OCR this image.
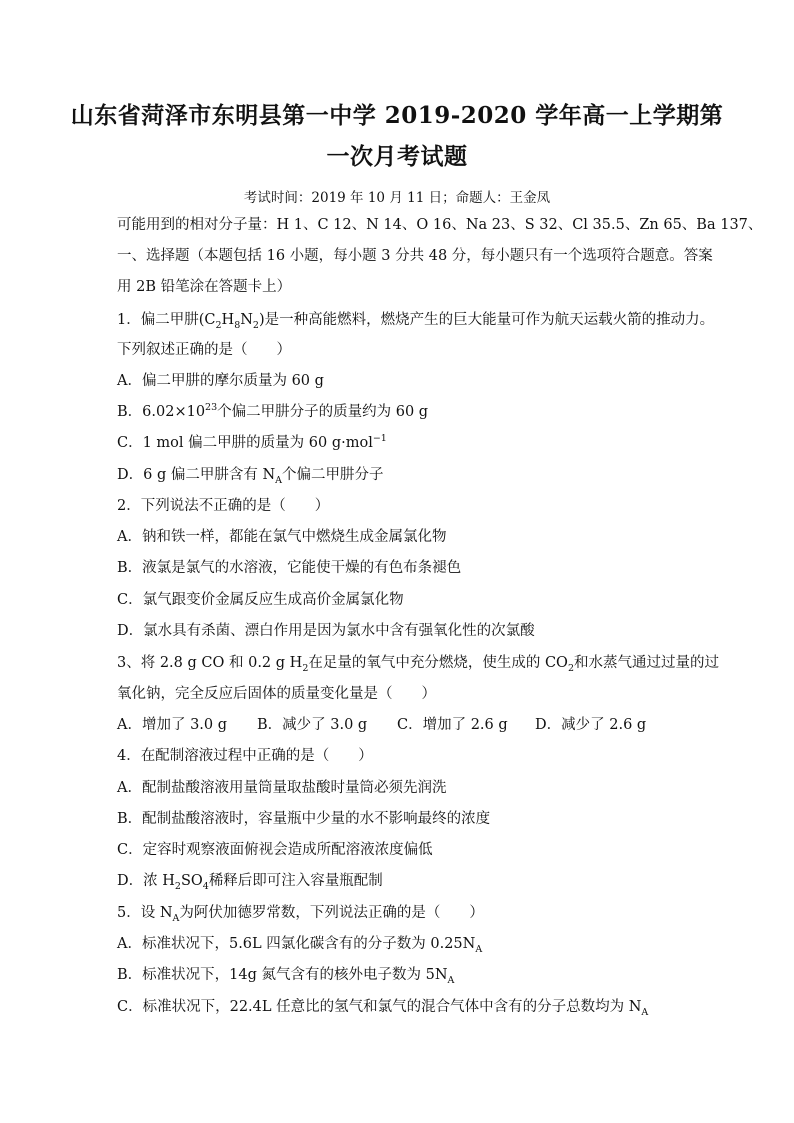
山东省菏泽市东明县第一中学 2019-2020 学年高一上学期第
一次月考试题
考试时间：2019 年 10 月 11 日；命题人：王金凤
可能用到的相对分子量：H 1、C 12、N 14、O 16、Na 23、S 32、Cl 35.5、Zn 65、Ba 137、
一、选择题（本题包括 16 小题，每小题 3 分共 48 分，每小题只有一个选项符合题意。答案
用 2B 铅笔涂在答题卡上）
1．偏二甲肼$(C_2H_8N_2)$是一种高能燃料，燃烧产生的巨大能量可作为航天运载火箭的推动力。
下列叙述正确的是（　　）
A．偏二甲肼的摩尔质量为 60 g
B．$6.02\times 10^{23}$个偏二甲肼分子的质量约为 60 g
C．1 mol 偏二甲肼的质量为 60 g·mol$^{-1}$
D．6 g 偏二甲肼含有 $N_A$个偏二甲肼分子
2．下列说法不正确的是（　　）
A．钠和铁一样，都能在氯气中燃烧生成金属氯化物
B．液氯是氯气的水溶液，它能使干燥的有色布条褪色
C．氯气跟变价金属反应生成高价金属氯化物
D．氯水具有杀菌、漂白作用是因为氯水中含有强氧化性的次氯酸
3、将 2.8 g CO 和 0.2 g $H_2$在足量的氧气中充分燃烧，使生成的 $CO_2$和水蒸气通过过量的过
氧化钠，完全反应后固体的质量变化量是（　　）
A．增加了 3.0 g B．减少了 3.0 g C．增加了 2.6 g D．减少了 2.6 g
4．在配制溶液过程中正确的是（　　）
A．配制盐酸溶液用量筒量取盐酸时量筒必须先润洗
B．配制盐酸溶液时，容量瓶中少量的水不影响最终的浓度
C．定容时观察液面俯视会造成所配溶液浓度偏低
D．浓 $H_2SO_4$稀释后即可注入容量瓶配制
5．设 $N_A$为阿伏加德罗常数，下列说法正确的是（　　）
A．标准状况下，5.6L 四氯化碳含有的分子数为 $0.25N_A$
B．标准状况下，14g 氮气含有的核外电子数为 $5N_A$
C．标准状况下，22.4L 任意比的氢气和氯气的混合气体中含有的分子总数均为 $N_A$
